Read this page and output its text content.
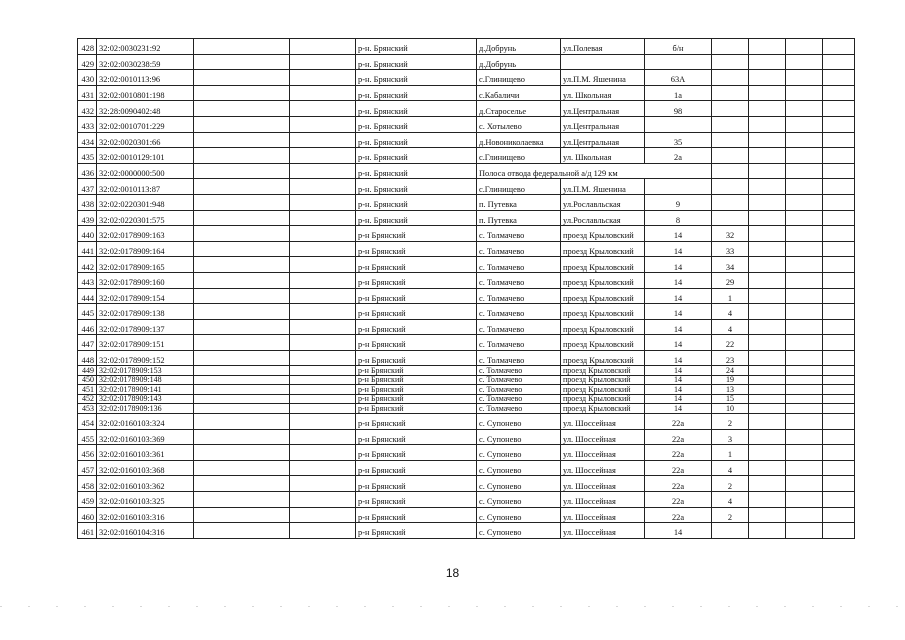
428	32:02:0030231:92			р-н. Брянский	д.Добрунь	ул.Полевая	б/н				
429	32:02:0030238:59			р-н. Брянский	д.Добрунь						
430	32:02:0010113:96			р-н. Брянский	с.Глинищево	ул.П.М. Яшенина	63А				
431	32:02:0010801:198			р-н. Брянский	с.Кабаличи	ул. Школьная	1а				
432	32:28:0090402:48			р-н. Брянский	д.Староселье	ул.Центральная	98				
433	32:02:0010701:229			р-н. Брянский	с. Хотылево	ул.Центральная					
434	32:02:0020301:66			р-н. Брянский	д.Новониколаевка	ул.Центральная	35				
435	32:02:0010129:101			р-н. Брянский	с.Глинищево	ул. Школьная	2а				
436	32:02:0000000:500			р-н. Брянский	Полоса отвода федеральной а/д 129 км						
437	32:02:0010113:87			р-н. Брянский	с.Глинищево	ул.П.М. Яшенина					
438	32:02:0220301:948			р-н. Брянский	п. Путевка	ул.Рославльская	9				
439	32:02:0220301:575			р-н. Брянский	п. Путевка	ул.Рославльская	8				
440	32:02:0178909:163			р-н Брянский	с. Толмачево	проезд Крыловский	14	32			
441	32:02:0178909:164			р-н Брянский	с. Толмачево	проезд Крыловский	14	33			
442	32:02:0178909:165			р-н Брянский	с. Толмачево	проезд Крыловский	14	34			
443	32:02:0178909:160			р-н Брянский	с. Толмачево	проезд Крыловский	14	29			
444	32:02:0178909:154			р-н Брянский	с. Толмачево	проезд Крыловский	14	1			
445	32:02:0178909:138			р-н Брянский	с. Толмачево	проезд Крыловский	14	4			
446	32:02:0178909:137			р-н Брянский	с. Толмачево	проезд Крыловский	14	4			
447	32:02:0178909:151			р-н Брянский	с. Толмачево	проезд Крыловский	14	22			
448	32:02:0178909:152			р-н Брянский	с. Толмачево	проезд Крыловский	14	23			
449	32:02:0178909:153			р-н Брянский	с. Толмачево	проезд Крыловский	14	24			
450	32:02:0178909:148			р-н Брянский	с. Толмачево	проезд Крыловский	14	19			
451	32:02:0178909:141			р-н Брянский	с. Толмачево	проезд Крыловский	14	13			
452	32:02:0178909:143			р-н Брянский	с. Толмачево	проезд Крыловский	14	15			
453	32:02:0178909:136			р-н Брянский	с. Толмачево	проезд Крыловский	14	10			
454	32:02:0160103:324			р-н Брянский	с. Супонево	ул. Шоссейная	22а	2			
455	32:02:0160103:369			р-н Брянский	с. Супонево	ул. Шоссейная	22а	3			
456	32:02:0160103:361			р-н Брянский	с. Супонево	ул. Шоссейная	22а	1			
457	32:02:0160103:368			р-н Брянский	с. Супонево	ул. Шоссейная	22а	4			
458	32:02:0160103:362			р-н Брянский	с. Супонево	ул. Шоссейная	22а	2			
459	32:02:0160103:325			р-н Брянский	с. Супонево	ул. Шоссейная	22а	4			
460	32:02:0160103:316			р-н Брянский	с. Супонево	ул. Шоссейная	22а	2			
461	32:02:0160104:316			р-н Брянский	с. Супонево	ул. Шоссейная	14				
18
